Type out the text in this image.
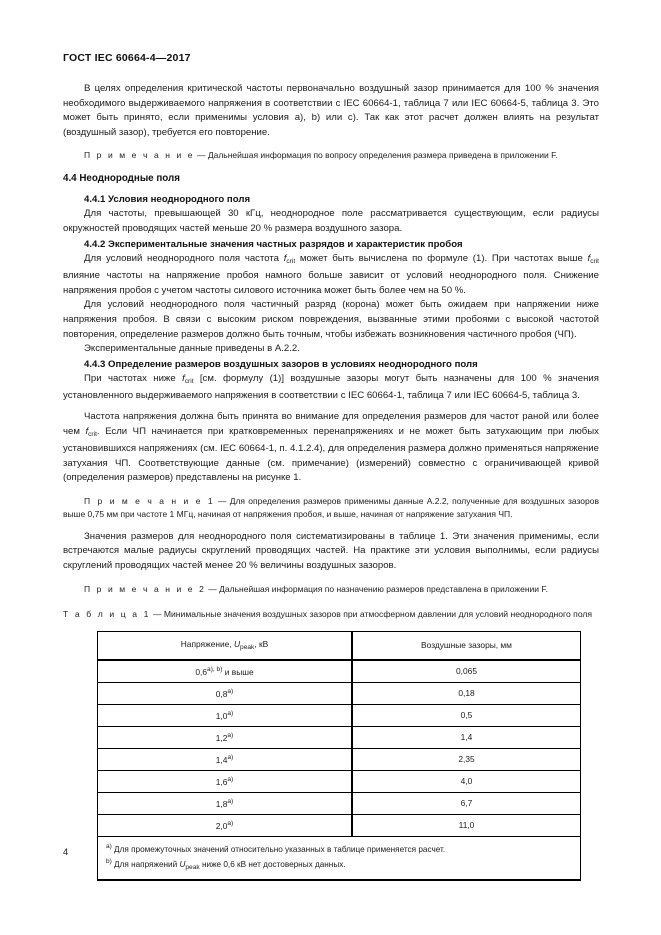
ГОСТ IEC 60664-4—2017

В целях определения критической частоты первоначально воздушный зазор принимается для 100 % значения необходимого выдерживаемого напряжения в соответствии с IEC 60664-1, таблица 7 или IEC 60664-5, таблица 3. Это может быть принято, если применимы условия a), b) или c). Так как этот расчет должен влиять на результат (воздушный зазор), требуется его повторение.

П р и м е ч а н и е — Дальнейшая информация по вопросу определения размера приведена в приложении F.

4.4 Неоднородные поля
4.4.1 Условия неоднородного поля

Для частоты, превышающей 30 кГц, неоднородное поле рассматривается существующим, если радиусы окружностей проводящих частей меньше 20 % размера воздушного зазора.

4.4.2 Экспериментальные значения частных разрядов и характеристик пробоя

Для условий неоднородного поля частота $f_{crit}$ может быть вычислена по формуле (1). При частотах выше $f_{crit}$ влияние частоты на напряжение пробоя намного больше зависит от условий неоднородного поля. Снижение напряжения пробоя с учетом частоты силового источника может быть более чем на 50 %.

Для условий неоднородного поля частичный разряд (корона) может быть ожидаем при напряжении ниже напряжения пробоя. В связи с высоким риском повреждения, вызванные этими пробоями с высокой частотой повторения, определение размеров должно быть точным, чтобы избежать возникновения частичного пробоя (ЧП).

Экспериментальные данные приведены в А.2.2.

4.4.3 Определение размеров воздушных зазоров в условиях неоднородного поля

При частотах ниже $f_{crit}$ [см. формулу (1)] воздушные зазоры могут быть назначены для 100 % значения установленного выдерживаемого напряжения в соответствии с IEC 60664-1, таблица 7 или IEC 60664-5, таблица 3.

Частота напряжения должна быть принята во внимание для определения размеров для частот раной или более чем $f_{crit}$. Если ЧП начинается при кратковременных перенапряжениях и не может быть затухающим при любых установившихся напряжениях (см. IEC 60664-1, п. 4.1.2.4), для определения размера должно применяться напряжение затухания ЧП. Соответствующие данные (см. примечание) (измерений) совместно с ограничивающей кривой (определения размеров) представлены на рисунке 1.

П р и м е ч а н и е 1 — Для определения размеров применимы данные А.2.2, полученные для воздушных зазоров выше 0,75 мм при частоте 1 МГц, начиная от напряжения пробоя, и выше, начиная от напряжение затухания ЧП.

Значения размеров для неоднородного поля систематизированы в таблице 1. Эти значения применимы, если встречаются малые радиусы скруглений проводящих частей. На практике эти условия выполнимы, если радиусы скруглений проводящих частей менее 20 % величины воздушных зазоров.

П р и м е ч а н и е 2 — Дальнейшая информация по назначению размеров представлена в приложении F.

Т а б л и ц а 1 — Минимальные значения воздушных зазоров при атмосферном давлении для условий неоднородного поля

Напряжение, $U_{peak}$, кВ	Воздушные зазоры, мм
$0,6^{a), b)}$ и выше	0,065
0,8$^{a)}$	0,18
1,0$^{a)}$	0,5
1,2$^{a)}$	1,4
1,4$^{a)}$	2,35
1,6$^{a)}$	4,0
1,8$^{a)}$	6,7
2,0$^{a)}$	11,0

$^{a)}$ Для промежуточных значений относительно указанных в таблице применяется расчет.
$^{b)}$ Для напряжений $U_{peak}$ ниже 0,6 кВ нет достоверных данных.	
4
